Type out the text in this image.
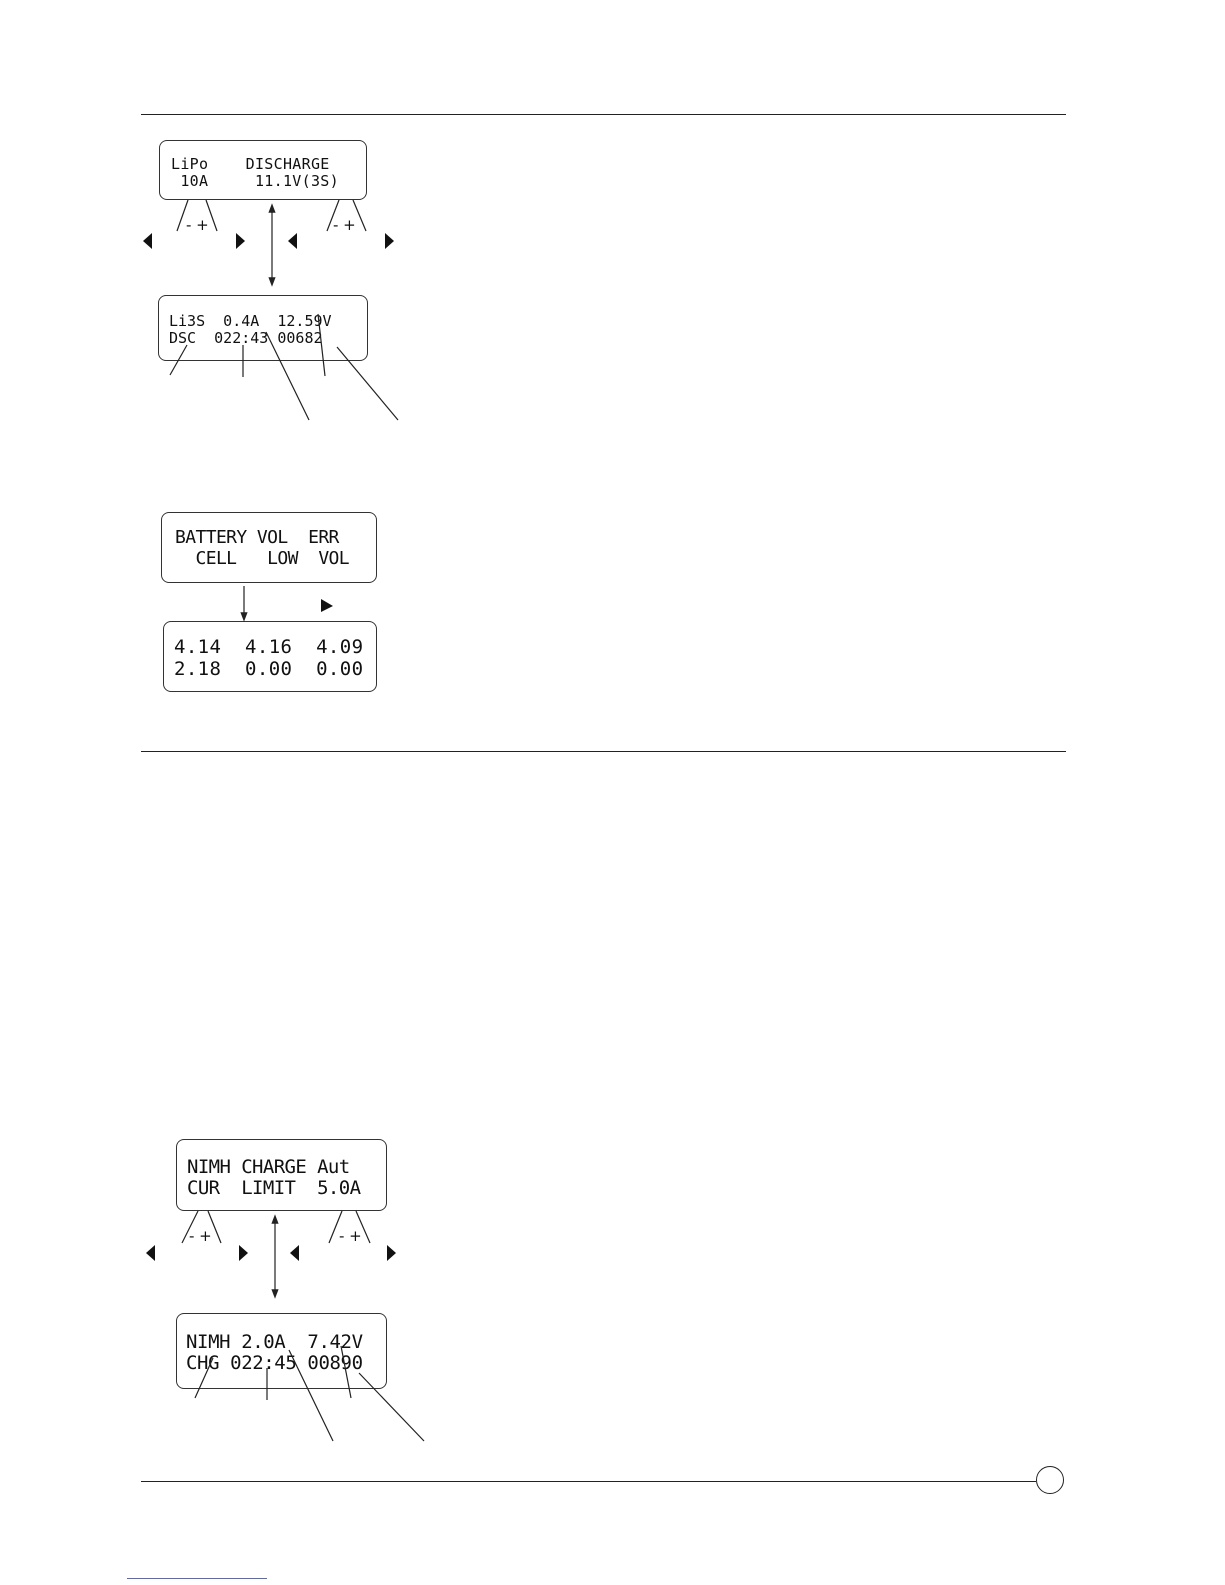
LiPo    DISCHARGE
10A     11.1V(3S)
Li3S  0.4A  12.59V
DSC  022:43 00682
BATTERY VOL  ERR
CELL   LOW  VOL
4.14  4.16  4.09
2.18  0.00  0.00
NIMH CHARGE Aut
CUR  LIMIT  5.0A
NIMH 2.0A  7.42V
CHG 022:45 00890
- +	- +
- +	- +
